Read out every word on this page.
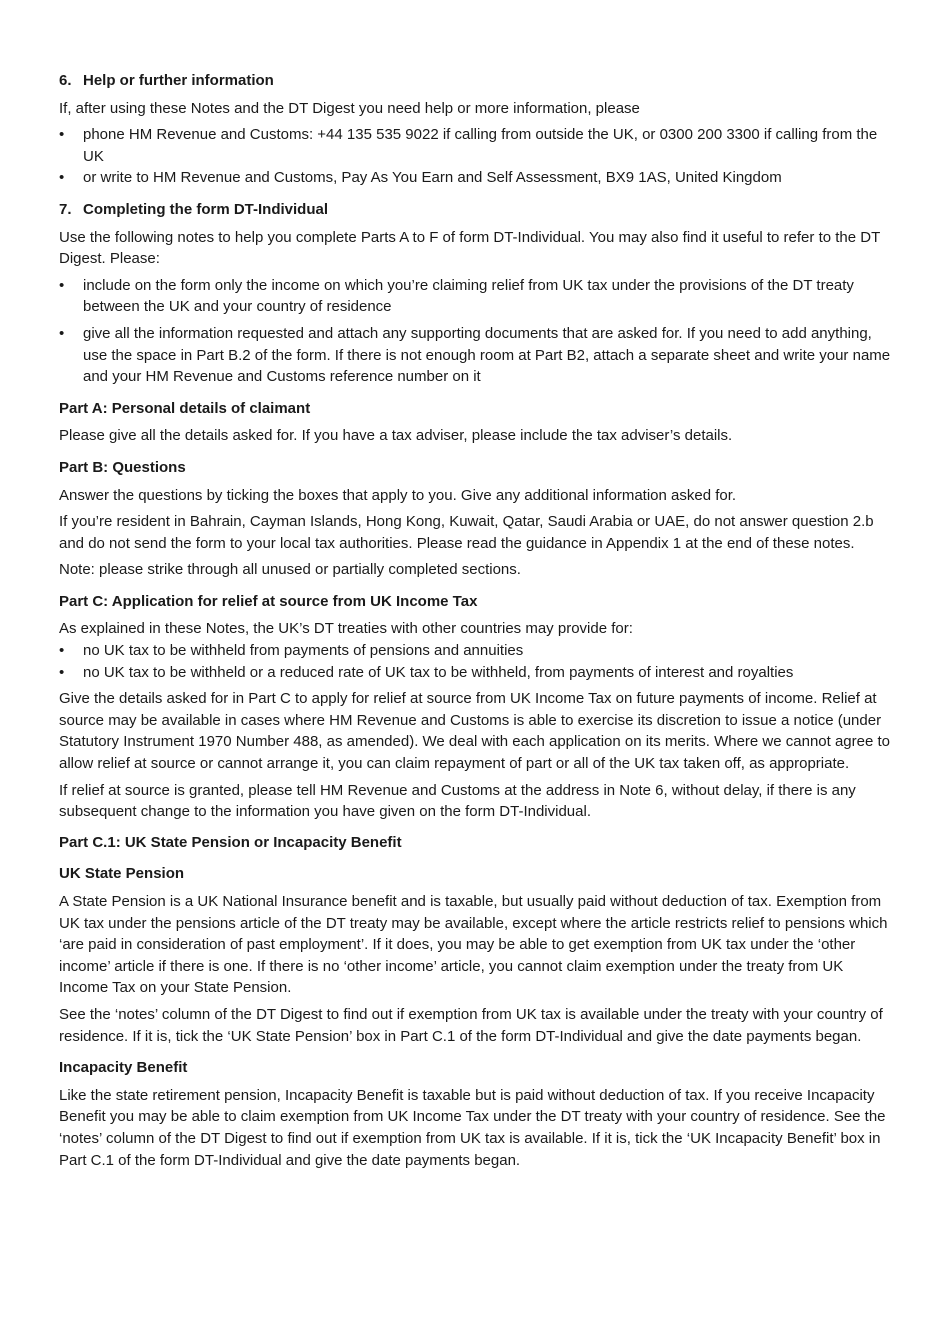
6. Help or further information

If, after using these Notes and the DT Digest you need help or more information, please

• phone HM Revenue and Customs: +44 135 535 9022 if calling from outside the UK, or 0300 200 3300 if calling from the UK
• or write to HM Revenue and Customs, Pay As You Earn and Self Assessment, BX9 1AS, United Kingdom
7. Completing the form DT-Individual

Use the following notes to help you complete Parts A to F of form DT-Individual. You may also find it useful to refer to the DT Digest. Please:

• include on the form only the income on which you’re claiming relief from UK tax under the provisions of the DT treaty between the UK and your country of residence
• give all the information requested and attach any supporting documents that are asked for. If you need to add anything, use the space in Part B.2 of the form. If there is not enough room at Part B2, attach a separate sheet and write your name and your HM Revenue and Customs reference number on it
Part A: Personal details of claimant

Please give all the details asked for. If you have a tax adviser, please include the tax adviser’s details.

Part B: Questions

Answer the questions by ticking the boxes that apply to you. Give any additional information asked for.

If you’re resident in Bahrain, Cayman Islands, Hong Kong, Kuwait, Qatar, Saudi Arabia or UAE, do not answer question 2.b and do not send the form to your local tax authorities. Please read the guidance in Appendix 1 at the end of these notes.

Note: please strike through all unused or partially completed sections.

Part C: Application for relief at source from UK Income Tax

As explained in these Notes, the UK’s DT treaties with other countries may provide for:

• no UK tax to be withheld from payments of pensions and annuities
• no UK tax to be withheld or a reduced rate of UK tax to be withheld, from payments of interest and royalties

Give the details asked for in Part C to apply for relief at source from UK Income Tax on future payments of income. Relief at source may be available in cases where HM Revenue and Customs is able to exercise its discretion to issue a notice (under Statutory Instrument 1970 Number 488, as amended). We deal with each application on its merits. Where we cannot agree to allow relief at source or cannot arrange it, you can claim repayment of part or all of the UK tax taken off, as appropriate.

If relief at source is granted, please tell HM Revenue and Customs at the address in Note 6, without delay, if there is any subsequent change to the information you have given on the form DT-Individual.

Part C.1: UK State Pension or Incapacity Benefit
UK State Pension

A State Pension is a UK National Insurance benefit and is taxable, but usually paid without deduction of tax. Exemption from UK tax under the pensions article of the DT treaty may be available, except where the article restricts relief to pensions which ‘are paid in consideration of past employment’. If it does, you may be able to get exemption from UK tax under the ‘other income’ article if there is one. If there is no ‘other income’ article, you cannot claim exemption under the treaty from UK Income Tax on your State Pension.

See the ‘notes’ column of the DT Digest to find out if exemption from UK tax is available under the treaty with your country of residence. If it is, tick the ‘UK State Pension’ box in Part C.1 of the form DT-Individual and give the date payments began.

Incapacity Benefit

Like the state retirement pension, Incapacity Benefit is taxable but is paid without deduction of tax. If you receive Incapacity Benefit you may be able to claim exemption from UK Income Tax under the DT treaty with your country of residence. See the ‘notes’ column of the DT Digest to find out if exemption from UK tax is available. If it is, tick the ‘UK Incapacity Benefit’ box in Part C.1 of the form DT-Individual and give the date payments began.
